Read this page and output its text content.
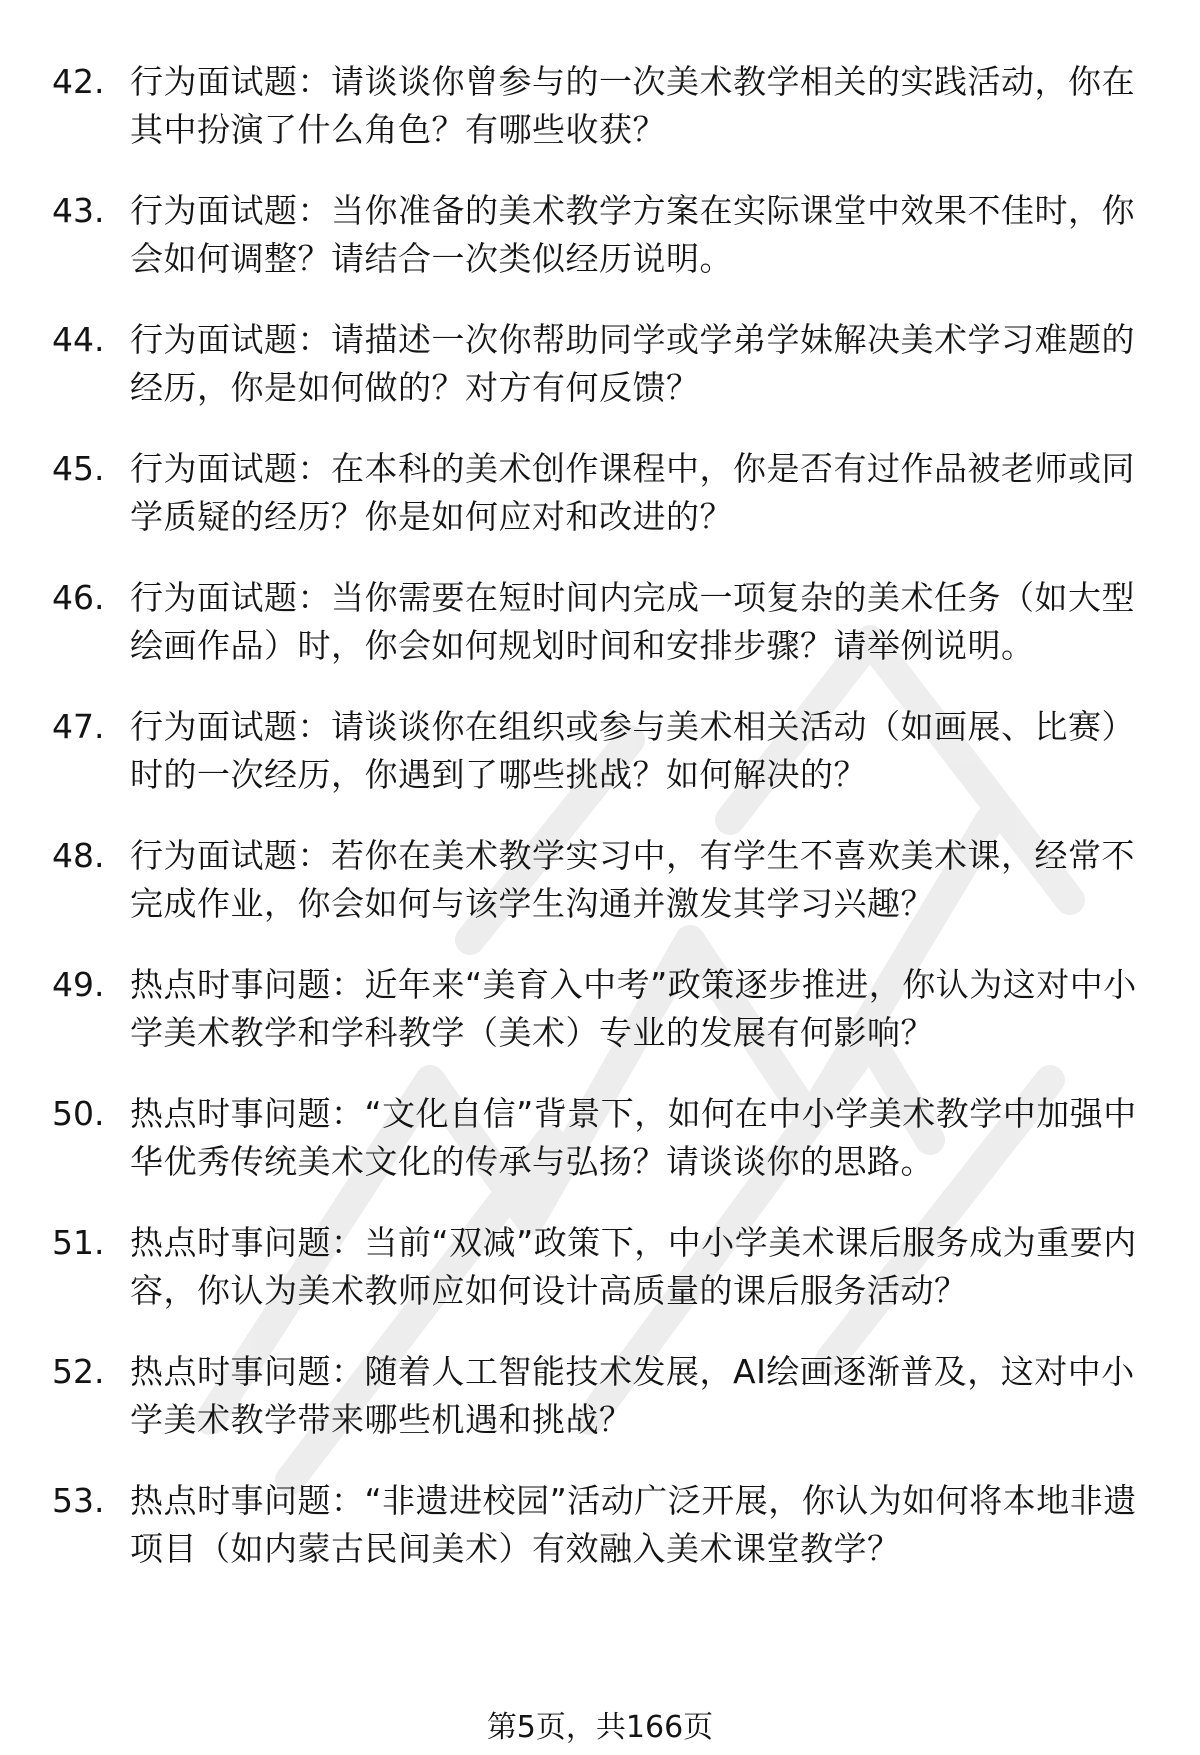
42. 行为面试题：请谈谈你曾参与的一次美术教学相关的实践活动，你在其中扮演了什么角色？有哪些收获？

43. 行为面试题：当你准备的美术教学方案在实际课堂中效果不佳时，你会如何调整？请结合一次类似经历说明。

44. 行为面试题：请描述一次你帮助同学或学弟学妹解决美术学习难题的经历，你是如何做的？对方有何反馈？

45. 行为面试题：在本科的美术创作课程中，你是否有过作品被老师或同学质疑的经历？你是如何应对和改进的？

46. 行为面试题：当你需要在短时间内完成一项复杂的美术任务（如大型绘画作品）时，你会如何规划时间和安排步骤？请举例说明。

47. 行为面试题：请谈谈你在组织或参与美术相关活动（如画展、比赛）时的一次经历，你遇到了哪些挑战？如何解决的？

48. 行为面试题：若你在美术教学实习中，有学生不喜欢美术课，经常不完成作业，你会如何与该学生沟通并激发其学习兴趣？

49. 热点时事问题：近年来“美育入中考”政策逐步推进，你认为这对中小学美术教学和学科教学（美术）专业的发展有何影响？

50. 热点时事问题：“文化自信”背景下，如何在中小学美术教学中加强中华优秀传统美术文化的传承与弘扬？请谈谈你的思路。

51. 热点时事问题：当前“双减”政策下，中小学美术课后服务成为重要内容，你认为美术教师应如何设计高质量的课后服务活动？

52. 热点时事问题：随着人工智能技术发展，AI绘画逐渐普及，这对中小学美术教学带来哪些机遇和挑战？

53. 热点时事问题：“非遗进校园”活动广泛开展，你认为如何将本地非遗项目（如内蒙古民间美术）有效融入美术课堂教学？

第5页，共166页
